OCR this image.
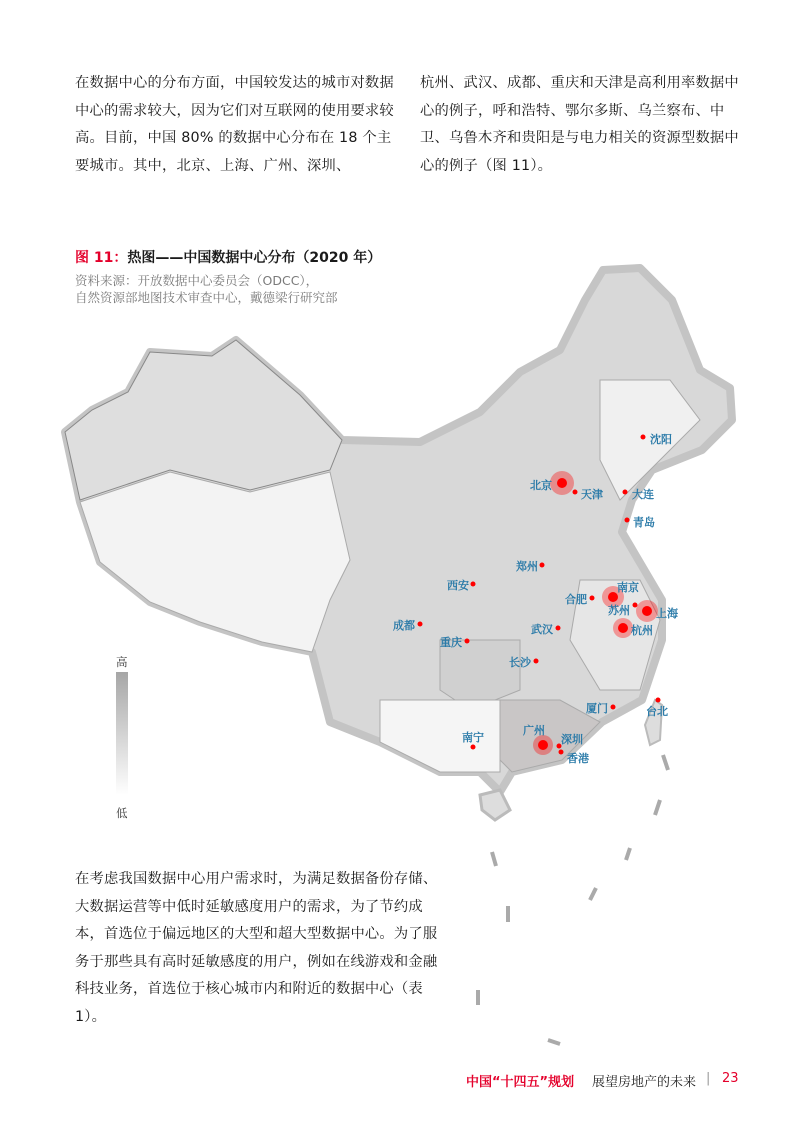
在数据中心的分布方面，中国较发达的城市对数据中心的需求较大，因为它们对互联网的使用要求较高。目前，中国 80% 的数据中心分布在 18 个主要城市。其中，北京、上海、广州、深圳、
杭州、武汉、成都、重庆和天津是高利用率数据中心的例子，呼和浩特、鄂尔多斯、乌兰察布、中卫、乌鲁木齐和贵阳是与电力相关的资源型数据中心的例子（图 11）。
图 11：热图——中国数据中心分布（2020 年）
资料来源：开放数据中心委员会（ODCC），
自然资源部地图技术审查中心，戴德梁行研究部
北京
天津
沈阳
大连
青岛
郑州
西安
合肥
南京
苏州 上海
杭州
成都
重庆
武汉
长沙
厦门	台北
南宁
广州
深圳
香港
高
低
在考虑我国数据中心用户需求时，为满足数据备份存储、大数据运营等中低时延敏感度用户的需求，为了节约成本，首选位于偏远地区的大型和超大型数据中心。为了服务于那些具有高时延敏感度的用户，例如在线游戏和金融科技业务，首选位于核心城市内和附近的数据中心（表 1）。
中国“十四五”规划 展望房地产的未来 | 23
